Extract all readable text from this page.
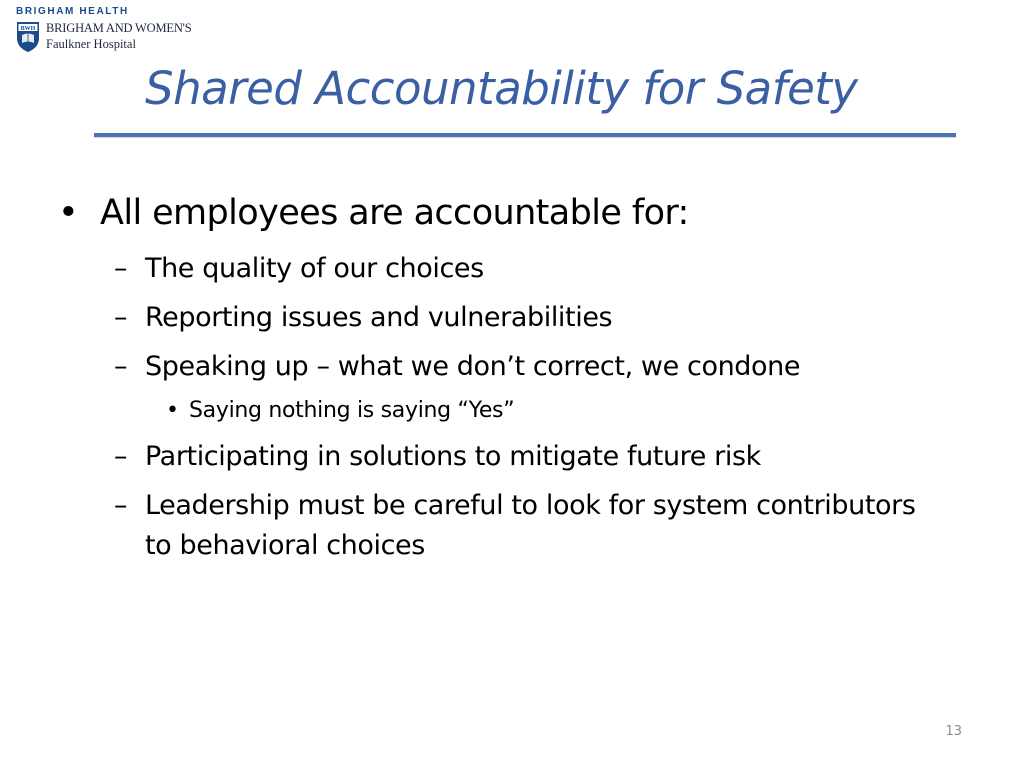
BRIGHAM HEALTH
BWH BRIGHAM AND WOMEN'S
Faulkner Hospital
Shared Accountability for Safety
• All employees are accountable for:
– The quality of our choices
– Reporting issues and vulnerabilities
– Speaking up – what we don’t correct, we condone
• Saying nothing is saying “Yes”
– Participating in solutions to mitigate future risk
– Leadership must be careful to look for system contributors
to behavioral choices
13
